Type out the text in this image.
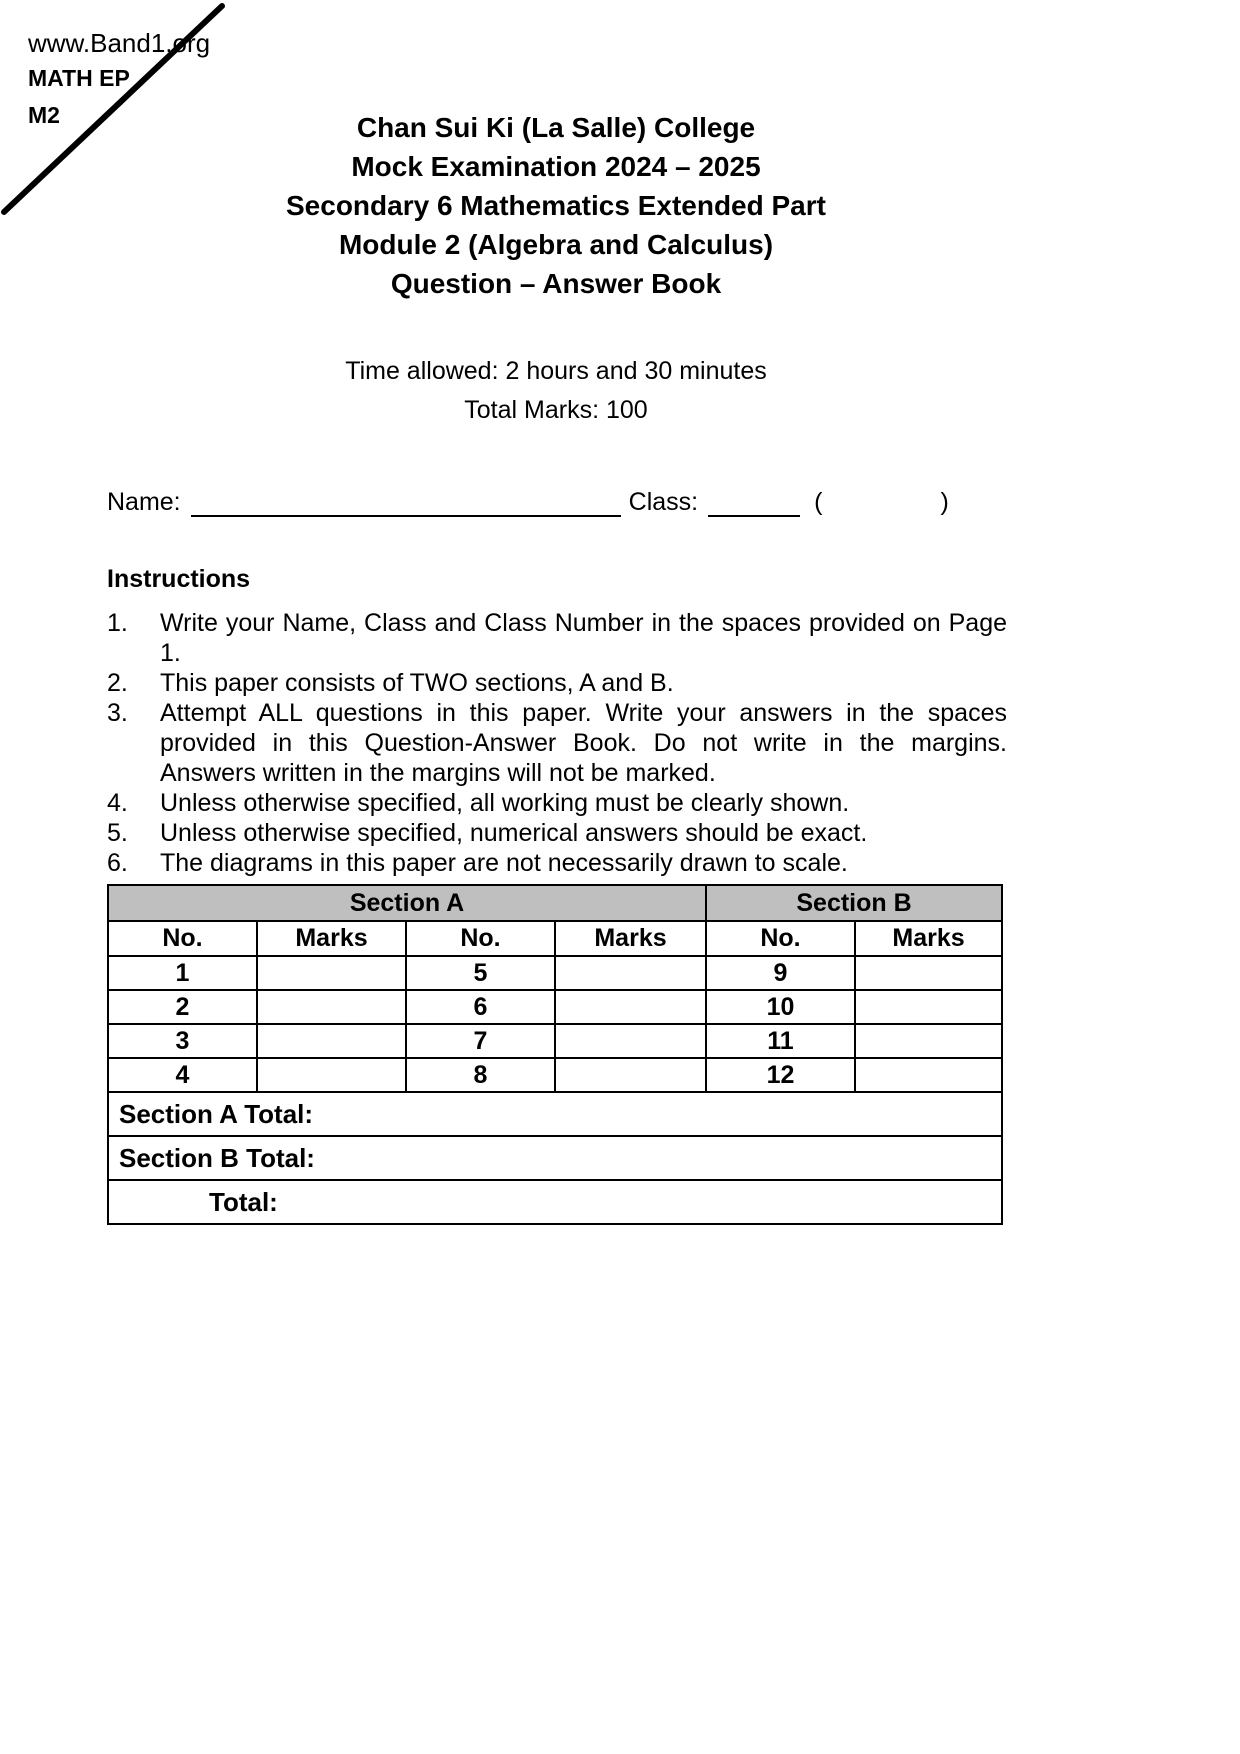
www.Band1.org
MATH EP
M2	Chan Sui Ki (La Salle) College
Mock Examination 2024 – 2025
Secondary 6 Mathematics Extended Part
Module 2 (Algebra and Calculus)
Question – Answer Book
Time allowed: 2 hours and 30 minutes
Total Marks: 100
Name:	Class:	(	)
Instructions
1.	Write your Name, Class and Class Number in the spaces provided on Page 1.
2.	This paper consists of TWO sections, A and B.
3.	Attempt ALL questions in this paper. Write your answers in the spaces provided in this Question-Answer Book. Do not write in the margins. Answers written in the margins will not be marked.
4.	Unless otherwise specified, all working must be clearly shown.
5.	Unless otherwise specified, numerical answers should be exact.
6.	The diagrams in this paper are not necessarily drawn to scale.
Section A				Section B	
No.	Marks	No.	Marks	No.	Marks
1		5		9	
2		6		10	
3		7		11	
4		8		12	
Section A Total:					
Section B Total:					
Total:					
